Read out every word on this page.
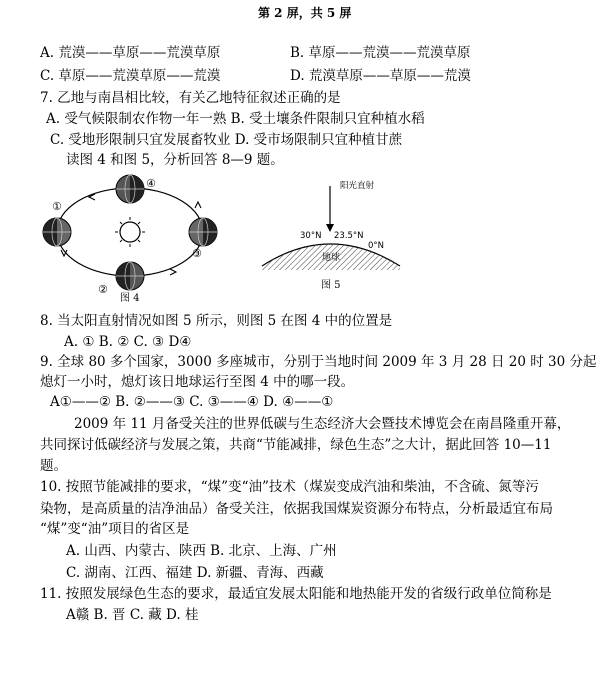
第 2 屏，共 5 屏
A. 荒漠——草原——荒漠草原	B. 草原——荒漠——荒漠草原
C. 草原——荒漠草原——荒漠	D. 荒漠草原——草原——荒漠
7. 乙地与南昌相比较，有关乙地特征叙述正确的是
A. 受气候限制农作物一年一熟 B. 受土壤条件限制只宜种植水稻
C. 受地形限制只宜发展畜牧业 D. 受市场限制只宜种植甘蔗
读图 4 和图 5，分析回答 8—9 题。
①
②
③
④
图 4
阳光直射
30°N 23.5°N
0°N
地球
图 5
8. 当太阳直射情况如图 5 所示，则图 5 在图 4 中的位置是
A. ① B. ② C. ③ D④
9. 全球 80 多个国家，3000 多座城市，分别于当地时间 2009 年 3 月 28 日 20 时 30 分起
熄灯一小时，熄灯该日地球运行至图 4 中的哪一段。
A①——② B. ②——③ C. ③——④ D. ④——①
2009 年 11 月备受关注的世界低碳与生态经济大会暨技术博览会在南昌隆重开幕，
共同探讨低碳经济与发展之策，共商“节能减排，绿色生态”之大计，据此回答 10—11
题。
10. 按照节能减排的要求，“煤”变“油”技术（煤炭变成汽油和柴油，不含硫、氮等污
染物，是高质量的洁净油品）备受关注，依据我国煤炭资源分布特点，分析最适宜布局
“煤”变“油”项目的省区是
A. 山西、内蒙古、陕西 B. 北京、上海、广州
C. 湖南、江西、福建 D. 新疆、青海、西藏
11. 按照发展绿色生态的要求，最适宜发展太阳能和地热能开发的省级行政单位简称是
A赣 B. 晋 C. 藏 D. 桂
